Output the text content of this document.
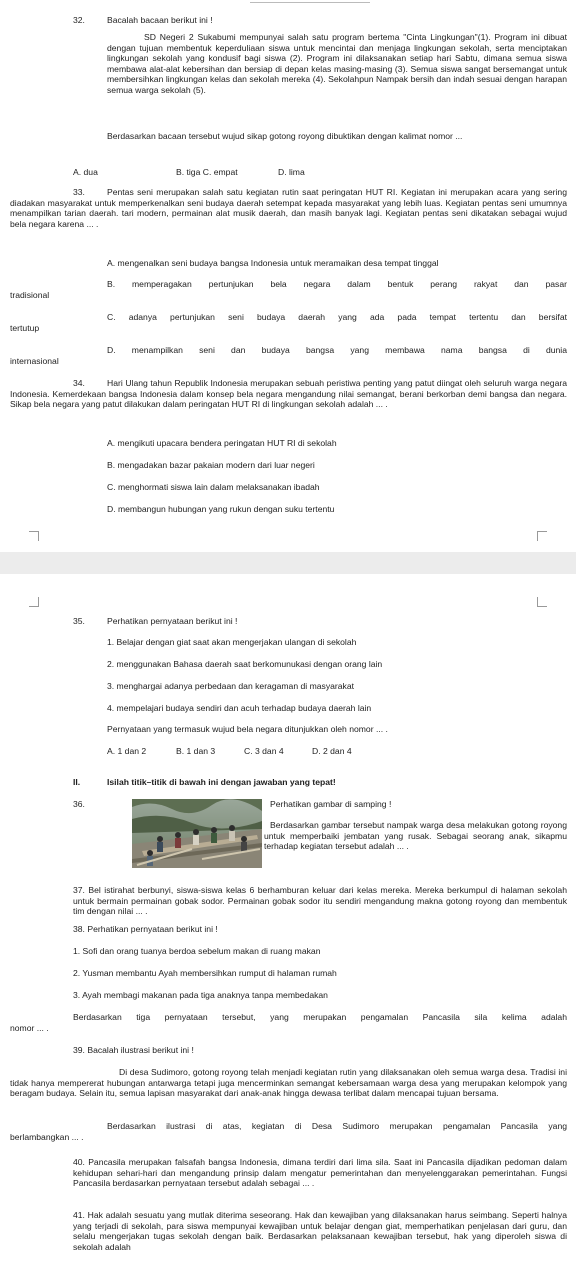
32.	Bacalah bacaan berikut ini !

SD Negeri 2 Sukabumi mempunyai salah satu program bertema "Cinta Lingkungan"(1). Program ini dibuat dengan tujuan membentuk keperduliaan siswa untuk mencintai dan menjaga lingkungan sekolah, serta menciptakan lingkungan sekolah yang kondusif bagi siswa (2). Program ini dilaksanakan setiap hari Sabtu, dimana semua siswa membawa alat-alat kebersihan dan bersiap di depan kelas masing-masing (3). Semua siswa sangat bersemangat untuk membersihkan lingkungan kelas dan sekolah mereka (4). Sekolahpun Nampak bersih dan indah sesuai dengan harapan semua warga sekolah (5).

Berdasarkan bacaan tersebut wujud sikap gotong royong dibuktikan dengan kalimat nomor ...

A. dua	B. tiga C. empat	D. lima

33.	Pentas seni merupakan salah satu kegiatan rutin saat peringatan HUT RI. Kegiatan ini merupakan acara yang sering diadakan masyarakat untuk memperkenalkan seni budaya daerah setempat kepada masyarakat yang lebih luas. Kegiatan pentas seni umumnya menampilkan tarian daerah. tari modern, permainan alat musik daerah, dan masih banyak lagi. Kegiatan pentas seni dikatakan sebagai wujud bela negara karena ... .

A. mengenalkan seni budaya bangsa Indonesia untuk meramaikan desa tempat tinggal

B. memperagakan pertunjukan bela negara dalam bentuk perang rakyat dan pasar

tradisional

C. adanya pertunjukan seni budaya daerah yang ada pada tempat tertentu dan bersifat

tertutup

D. menampilkan seni dan budaya bangsa yang membawa nama bangsa di dunia

internasional

34.	Hari Ulang tahun Republik Indonesia merupakan sebuah peristiwa penting yang patut diingat oleh seluruh warga negara Indonesia. Kemerdekaan bangsa Indonesia dalam konsep bela negara mengandung nilai semangat, berani berkorban demi bangsa dan negara. Sikap bela negara yang patut dilakukan dalam peringatan HUT RI di lingkungan sekolah adalah ... .

A. mengikuti upacara bendera peringatan HUT RI di sekolah

B. mengadakan bazar pakaian modern dari luar negeri

C. menghormati siswa lain dalam melaksanakan ibadah

D. membangun hubungan yang rukun dengan suku tertentu

35.	Perhatikan pernyataan berikut ini !

1. Belajar dengan giat saat akan mengerjakan ulangan di sekolah

2. menggunakan Bahasa daerah saat berkomunukasi dengan orang lain

3. menghargai adanya perbedaan dan keragaman di masyarakat

4. mempelajari budaya sendiri dan acuh terhadap budaya daerah lain

Pernyataan yang termasuk wujud bela negara ditunjukkan oleh nomor ... .

A. 1 dan 2	B. 1 dan 3	C. 3 dan 4	D. 2 dan 4

II.	Isilah titik–titik di bawah ini dengan jawaban yang tepat!

36.	Perhatikan gambar di samping !

Berdasarkan gambar tersebut nampak warga desa melakukan gotong royong untuk memperbaiki jembatan yang rusak. Sebagai seorang anak, sikapmu terhadap kegiatan tersebut adalah ... .

37. Bel istirahat berbunyi, siswa-siswa kelas 6 berhamburan keluar dari kelas mereka. Mereka berkumpul di halaman sekolah untuk bermain permainan gobak sodor. Permainan gobak sodor itu sendiri mengandung makna gotong royong dan membentuk tim dengan nilai ... .

38. Perhatikan pernyataan berikut ini !

1. Sofi dan orang tuanya berdoa sebelum makan di ruang makan

2. Yusman membantu Ayah membersihkan rumput di halaman rumah

3. Ayah membagi makanan pada tiga anaknya tanpa membedakan

Berdasarkan tiga pernyataan tersebut, yang merupakan pengamalan Pancasila sila kelima adalah

nomor ... .

39. Bacalah ilustrasi berikut ini !

Di desa Sudimoro, gotong royong telah menjadi kegiatan rutin yang dilaksanakan oleh semua warga desa. Tradisi ini tidak hanya mempererat hubungan antarwarga tetapi juga mencerminkan semangat kebersamaan warga desa yang merupakan kelompok yang beragam budaya. Selain itu, semua lapisan masyarakat dari anak-anak hingga dewasa terlibat dalam mencapai tujuan bersama.

Berdasarkan ilustrasi di atas, kegiatan di Desa Sudimoro merupakan pengamalan Pancasila yang

berlambangkan ... .

40. Pancasila merupakan falsafah bangsa Indonesia, dimana terdiri dari lima sila. Saat ini Pancasila dijadikan pedoman dalam kehidupan sehari-hari dan mengandung prinsip dalam mengatur pemerintahan dan menyelenggarakan pemerintahan. Fungsi Pancasila berdasarkan pernyataan tersebut adalah sebagai ... .

41. Hak adalah sesuatu yang mutlak diterima seseorang. Hak dan kewajiban yang dilaksanakan harus seimbang. Seperti halnya yang terjadi di sekolah, para siswa mempunyai kewajiban untuk belajar dengan giat, memperhatikan penjelasan dari guru, dan selalu mengerjakan tugas sekolah dengan baik. Berdasarkan pelaksanaan kewajiban tersebut, hak yang diperoleh siswa di sekolah adalah
